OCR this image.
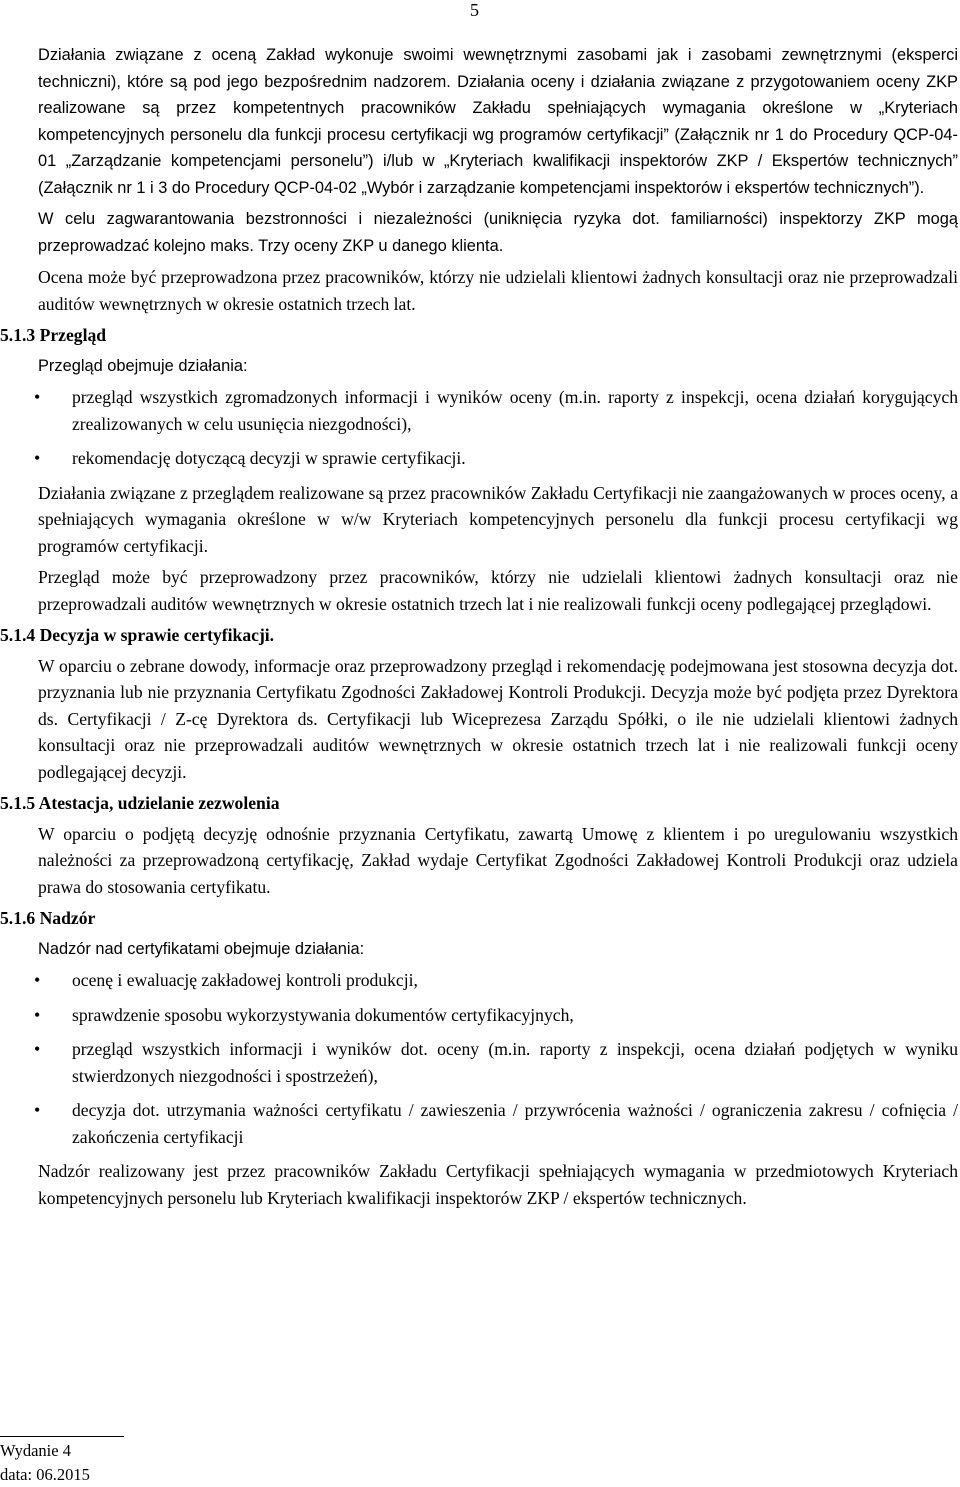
5

Działania związane z oceną Zakład wykonuje swoimi wewnętrznymi zasobami jak i zasobami zewnętrznymi (eksperci techniczni), które są pod jego bezpośrednim nadzorem. Działania oceny i działania związane z przygotowaniem oceny ZKP realizowane są przez kompetentnych pracowników Zakładu spełniających wymagania określone w „Kryteriach kompetencyjnych personelu dla funkcji procesu certyfikacji wg programów certyfikacji” (Załącznik nr 1 do Procedury QCP-04-01 „Zarządzanie kompetencjami personelu”) i/lub w „Kryteriach kwalifikacji inspektorów ZKP / Ekspertów technicznych” (Załącznik nr 1 i 3 do Procedury QCP-04-02 „Wybór i zarządzanie kompetencjami inspektorów i ekspertów technicznych”).

W celu zagwarantowania bezstronności i niezależności (uniknięcia ryzyka dot. familiarności) inspektorzy ZKP mogą przeprowadzać kolejno maks. Trzy oceny ZKP u danego klienta.

Ocena może być przeprowadzona przez pracowników, którzy nie udzielali klientowi żadnych konsultacji oraz nie przeprowadzali auditów wewnętrznych w okresie ostatnich trzech lat.

5.1.3 Przegląd

Przegląd obejmuje działania:

• przegląd wszystkich zgromadzonych informacji i wyników oceny (m.in. raporty z inspekcji, ocena działań korygujących zrealizowanych w celu usunięcia niezgodności),
• rekomendację dotyczącą decyzji w sprawie certyfikacji.

Działania związane z przeglądem realizowane są przez pracowników Zakładu Certyfikacji nie zaangażowanych w proces oceny, a spełniających wymagania określone w w/w Kryteriach kompetencyjnych personelu dla funkcji procesu certyfikacji wg programów certyfikacji.

Przegląd może być przeprowadzony przez pracowników, którzy nie udzielali klientowi żadnych konsultacji oraz nie przeprowadzali auditów wewnętrznych w okresie ostatnich trzech lat i nie realizowali funkcji oceny podlegającej przeglądowi.

5.1.4 Decyzja w sprawie certyfikacji.

W oparciu o zebrane dowody, informacje oraz przeprowadzony przegląd i rekomendację podejmowana jest stosowna decyzja dot. przyznania lub nie przyznania Certyfikatu Zgodności Zakładowej Kontroli Produkcji. Decyzja może być podjęta przez Dyrektora ds. Certyfikacji / Z-cę Dyrektora ds. Certyfikacji lub Wiceprezesa Zarządu Spółki, o ile nie udzielali klientowi żadnych konsultacji oraz nie przeprowadzali auditów wewnętrznych w okresie ostatnich trzech lat i nie realizowali funkcji oceny podlegającej decyzji.

5.1.5 Atestacja, udzielanie zezwolenia

W oparciu o podjętą decyzję odnośnie przyznania Certyfikatu, zawartą Umowę z klientem i po uregulowaniu wszystkich należności za przeprowadzoną certyfikację, Zakład wydaje Certyfikat Zgodności Zakładowej Kontroli Produkcji oraz udziela prawa do stosowania certyfikatu.

5.1.6 Nadzór

Nadzór nad certyfikatami obejmuje działania:

• ocenę i ewaluację zakładowej kontroli produkcji,
• sprawdzenie sposobu wykorzystywania dokumentów certyfikacyjnych,
• przegląd wszystkich informacji i wyników dot. oceny (m.in. raporty z inspekcji, ocena działań podjętych w wyniku stwierdzonych niezgodności i spostrzeżeń),
• decyzja dot. utrzymania ważności certyfikatu / zawieszenia / przywrócenia ważności / ograniczenia zakresu / cofnięcia / zakończenia certyfikacji

Nadzór realizowany jest przez pracowników Zakładu Certyfikacji spełniających wymagania w przedmiotowych Kryteriach kompetencyjnych personelu lub Kryteriach kwalifikacji inspektorów ZKP / ekspertów technicznych.

Wydanie 4
data: 06.2015
